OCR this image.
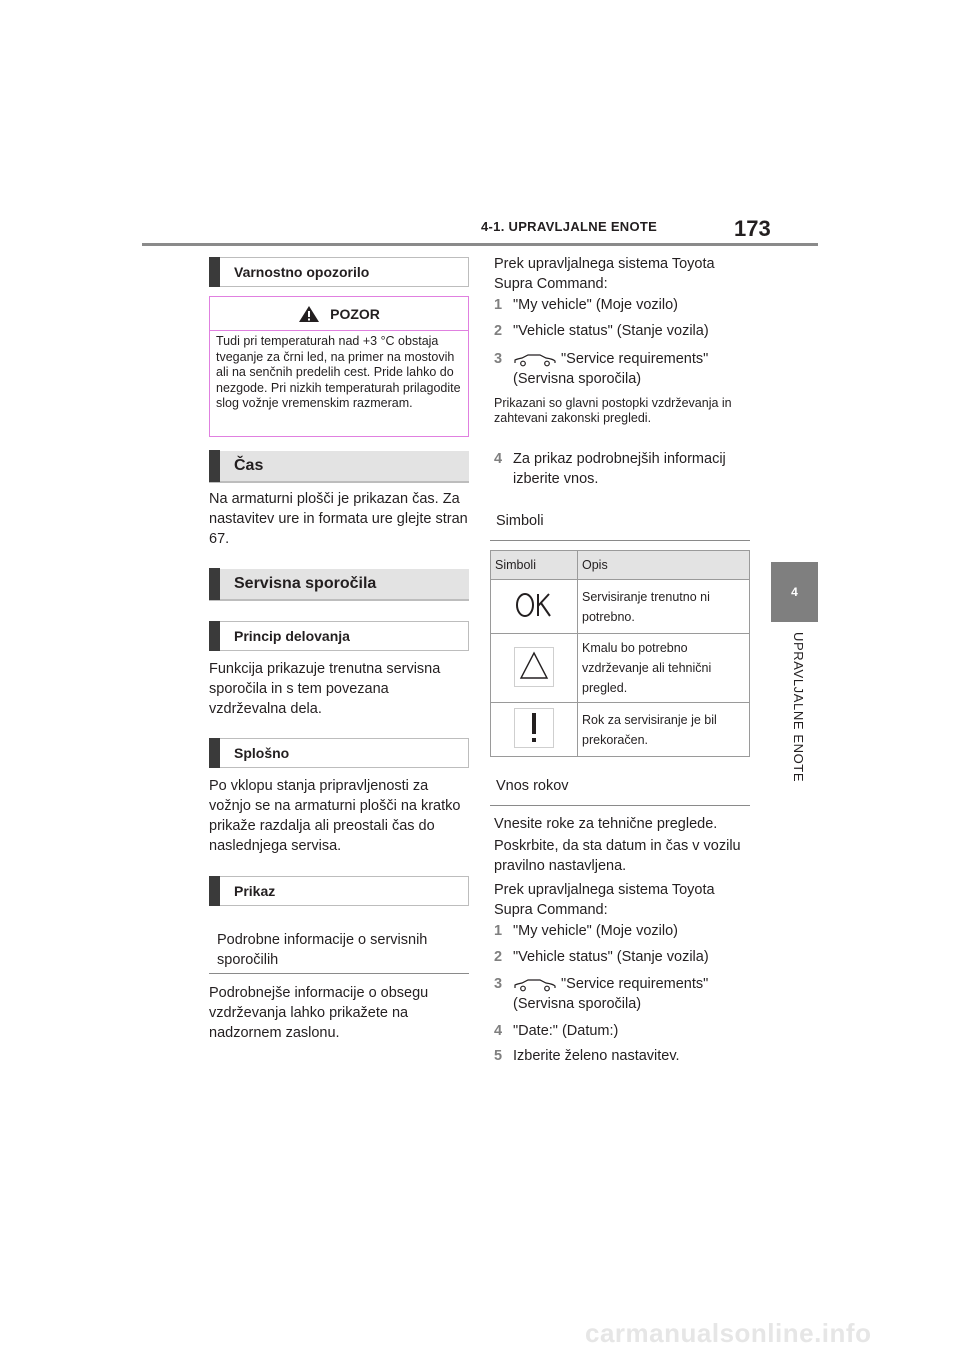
4-1. UPRAVLJALNE ENOTE	173
4
UPRAVLJALNE ENOTE
Varnostno opozorilo
POZOR
Tudi pri temperaturah nad +3 °C obstaja tveganje za črni led, na primer na mostovih ali na senčnih predelih cest. Pride lahko do nezgode. Pri nizkih temperaturah prilagodite slog vožnje vremenskim razmeram.
Čas
Na armaturni plošči je prikazan čas. Za nastavitev ure in formata ure glejte stran 67.
Servisna sporočila
Princip delovanja
Funkcija prikazuje trenutna servisna sporočila in s tem povezana vzdrževalna dela.
Splošno
Po vklopu stanja pripravljenosti za vožnjo se na armaturni plošči na kratko prikaže razdalja ali preostali čas do naslednjega servisa.
Prikaz
Podrobne informacije o servisnih sporočilih
Podrobnejše informacije o obsegu vzdrževanja lahko prikažete na nadzornem zaslonu.
Prek upravljalnega sistema Toyota Supra Command:
1 "My vehicle" (Moje vozilo)
2 "Vehicle status" (Stanje vozila)
3	"Service requirements" (Servisna sporočila)
Prikazani so glavni postopki vzdrževanja in zahtevani zakonski pregledi.
4 Za prikaz podrobnejših informacij izberite vnos.
Simboli
Simboli	Opis
	Servisiranje trenutno ni potrebno.
	Kmalu bo potrebno vzdrževanje ali tehnični pregled.
	Rok za servisiranje je bil prekoračen.
Vnos rokov
Vnesite roke za tehnične preglede.
Poskrbite, da sta datum in čas v vozilu pravilno nastavljena.
Prek upravljalnega sistema Toyota Supra Command:
1 "My vehicle" (Moje vozilo)
2 "Vehicle status" (Stanje vozila)
3	"Service requirements" (Servisna sporočila)
4 "Date:" (Datum:)
5 Izberite želeno nastavitev.
carmanualsonline.info
